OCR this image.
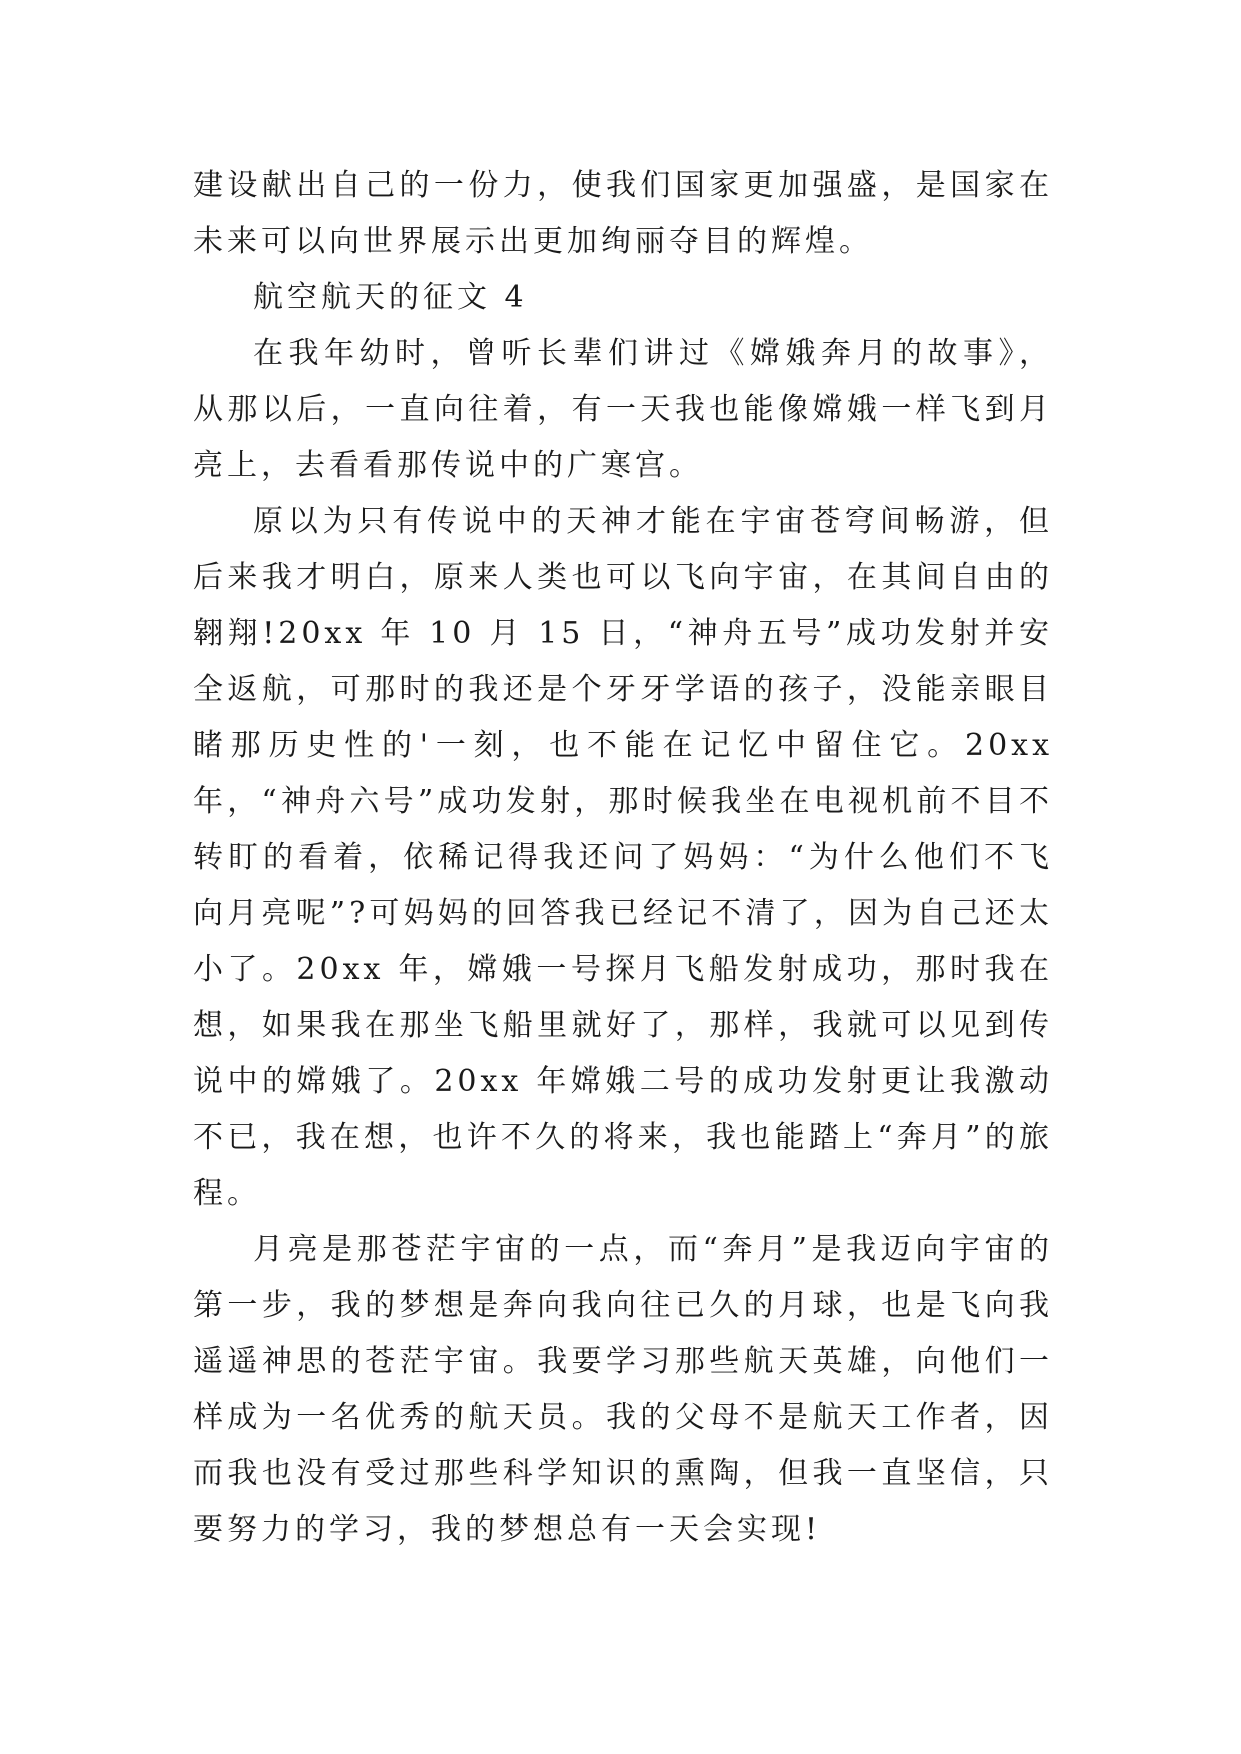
建设献出自己的一份力，使我们国家更加强盛，是国家在未来可以向世界展示出更加绚丽夺目的辉煌。

航空航天的征文 4

在我年幼时，曾听长辈们讲过《嫦娥奔月的故事》，从那以后，一直向往着，有一天我也能像嫦娥一样飞到月亮上，去看看那传说中的广寒宫。

原以为只有传说中的天神才能在宇宙苍穹间畅游，但后来我才明白，原来人类也可以飞向宇宙，在其间自由的翱翔!20xx 年 10 月 15 日，“神舟五号”成功发射并安全返航，可那时的我还是个牙牙学语的孩子，没能亲眼目睹那历史性的'一刻，也不能在记忆中留住它。20xx 年，“神舟六号”成功发射，那时候我坐在电视机前不目不转盯的看着，依稀记得我还问了妈妈：“为什么他们不飞向月亮呢”?可妈妈的回答我已经记不清了，因为自己还太小了。20xx 年，嫦娥一号探月飞船发射成功，那时我在想，如果我在那坐飞船里就好了，那样，我就可以见到传说中的嫦娥了。20xx 年嫦娥二号的成功发射更让我激动不已，我在想，也许不久的将来，我也能踏上“奔月”的旅程。

月亮是那苍茫宇宙的一点，而“奔月”是我迈向宇宙的第一步，我的梦想是奔向我向往已久的月球，也是飞向我遥遥神思的苍茫宇宙。我要学习那些航天英雄，向他们一样成为一名优秀的航天员。我的父母不是航天工作者，因而我也没有受过那些科学知识的熏陶，但我一直坚信，只要努力的学习，我的梦想总有一天会实现!
